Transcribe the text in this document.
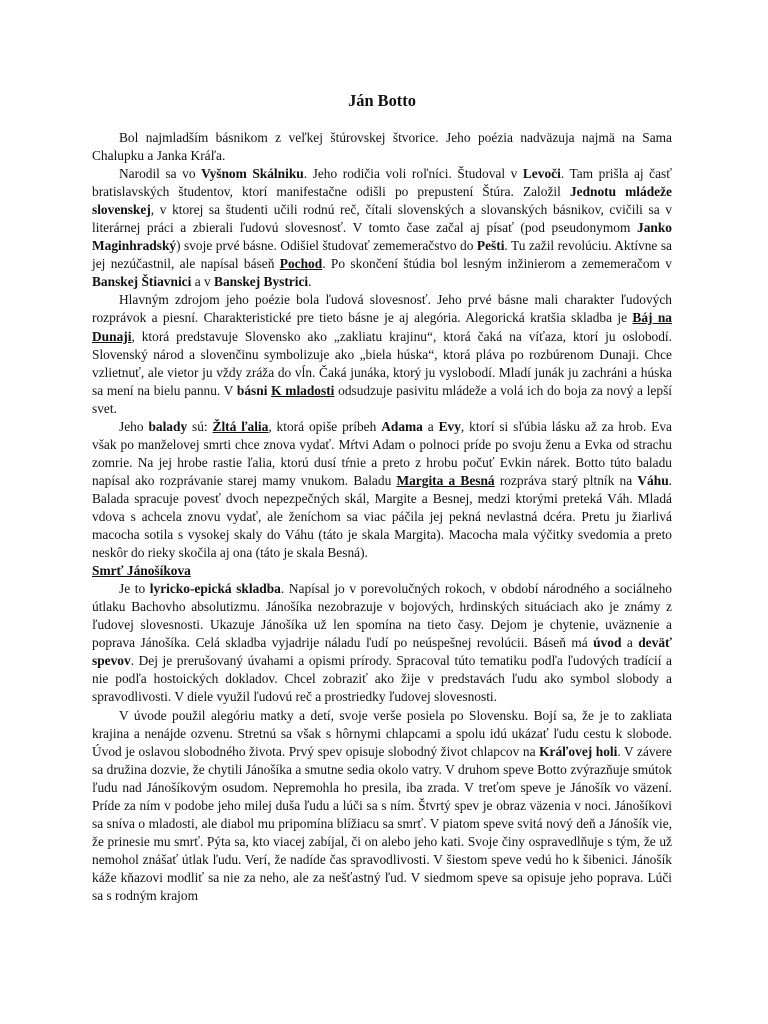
Ján Botto

Bol najmladším básnikom z veľkej štúrovskej štvorice. Jeho poézia nadväzuja najmä na Sama Chalupku a Janka Kráľa.

Narodil sa vo Vyšnom Skálniku. Jeho rodičia voli roľníci. Študoval v Levoči. Tam prišla aj časť bratislavských študentov, ktorí manifestačne odišli po prepustení Štúra. Založil Jednotu mládeže slovenskej, v ktorej sa študenti učili rodnú reč, čítali slovenských a slovanských básnikov, cvičili sa v literárnej práci a zbierali ľudovú slovesnosť. V tomto čase začal aj písať (pod pseudonymom Janko Maginhradský) svoje prvé básne. Odišiel študovať zememeračstvo do Pešti. Tu zažil revolúciu. Aktívne sa jej nezúčastnil, ale napísal báseň Pochod. Po skončení štúdia bol lesným inžinierom a zememeračom v Banskej Štiavnici a v Banskej Bystrici.

Hlavným zdrojom jeho poézie bola ľudová slovesnosť. Jeho prvé básne mali charakter ľudových rozprávok a piesní. Charakteristické pre tieto básne je aj alegória. Alegorická kratšia skladba je Báj na Dunaji, ktorá predstavuje Slovensko ako „zakliatu krajinu“, ktorá čaká na víťaza, ktorí ju oslobodí. Slovenský národ a slovenčinu symbolizuje ako „biela húska“, ktorá pláva po rozbúrenom Dunaji. Chce vzlietnuť, ale vietor ju vždy zráža do vĺn. Čaká junáka, ktorý ju vyslobodí. Mladí junák ju zachráni a húska sa mení na bielu pannu. V básni K mladosti odsudzuje pasivitu mládeže a volá ich do boja za nový a lepší svet.

Jeho balady sú: Žltá ľalia, ktorá opiše príbeh Adama a Evy, ktorí si sľúbia lásku až za hrob. Eva však po manželovej smrti chce znova vydať. Mŕtvi Adam o polnoci príde po svoju ženu a Evka od strachu zomrie. Na jej hrobe rastie ľalia, ktorú dusí tŕnie a preto z hrobu počuť Evkin nárek. Botto túto baladu napísal ako rozprávanie starej mamy vnukom. Baladu Margita a Besná rozpráva starý pltník na Váhu. Balada spracuje povesť dvoch nepezpečných skál, Margite a Besnej, medzi ktorými preteká Váh. Mladá vdova s achcela znovu vydať, ale ženíchom sa viac páčila jej pekná nevlastná dcéra. Pretu ju žiarlivá macocha sotila s vysokej skaly do Váhu (táto je skala Margita). Macocha mala výčitky svedomia a preto neskôr do rieky skočila aj ona (táto je skala Besná).

Smrť Jánošíkova

Je to lyricko-epická skladba. Napísal jo v porevolučných rokoch, v období národného a sociálneho útlaku Bachovho absolutizmu. Jánošíka nezobrazuje v bojových, hrdinských situáciach ako je známy z ľudovej slovesnosti. Ukazuje Jánošíka už len spomína na tieto časy. Dejom je chytenie, uväznenie a poprava Jánošíka. Celá skladba vyjadrije náladu ľudí po neúspešnej revolúcii. Báseň má úvod a deväť spevov. Dej je prerušovaný úvahami a opismi prírody. Spracoval túto tematiku podľa ľudových tradícií a nie podľa hostoických dokladov. Chcel zobraziť ako žije v predstavách ľudu ako symbol slobody a spravodlivosti. V diele využil ľudovú reč a prostriedky ľudovej slovesnosti.

V úvode použil alegóriu matky a detí, svoje verše posiela po Slovensku. Bojí sa, že je to zakliata krajina a nenájde ozvenu. Stretnú sa však s hôrnymi chlapcami a spolu idú ukázať ľudu cestu k slobode. Úvod je oslavou slobodného života. Prvý spev opisuje slobodný život chlapcov na Kráľovej holi. V závere sa družina dozvie, že chytili Jánošíka a smutne sedia okolo vatry. V druhom speve Botto zvýrazňuje smútok ľudu nad Jánošíkovým osudom. Nepremohla ho presila, iba zrada. V treťom speve je Jánošík vo väzení. Príde za ním v podobe jeho milej duša ľudu a lúči sa s ním. Štvrtý spev je obraz väzenia v noci. Jánošíkovi sa sníva o mladosti, ale diabol mu pripomína blížiacu sa smrť. V piatom speve svitá nový deň a Jánošík vie, že prinesie mu smrť. Pýta sa, kto viacej zabíjal, či on alebo jeho kati. Svoje činy ospravedlňuje s tým, že už nemohol znášať útlak ľudu. Verí, že nadíde čas spravodlivosti. V šiestom speve vedú ho k šibenici. Jánošík káže kňazovi modliť sa nie za neho, ale za nešťastný ľud. V siedmom speve sa opisuje jeho poprava. Lúči sa s rodným krajom
